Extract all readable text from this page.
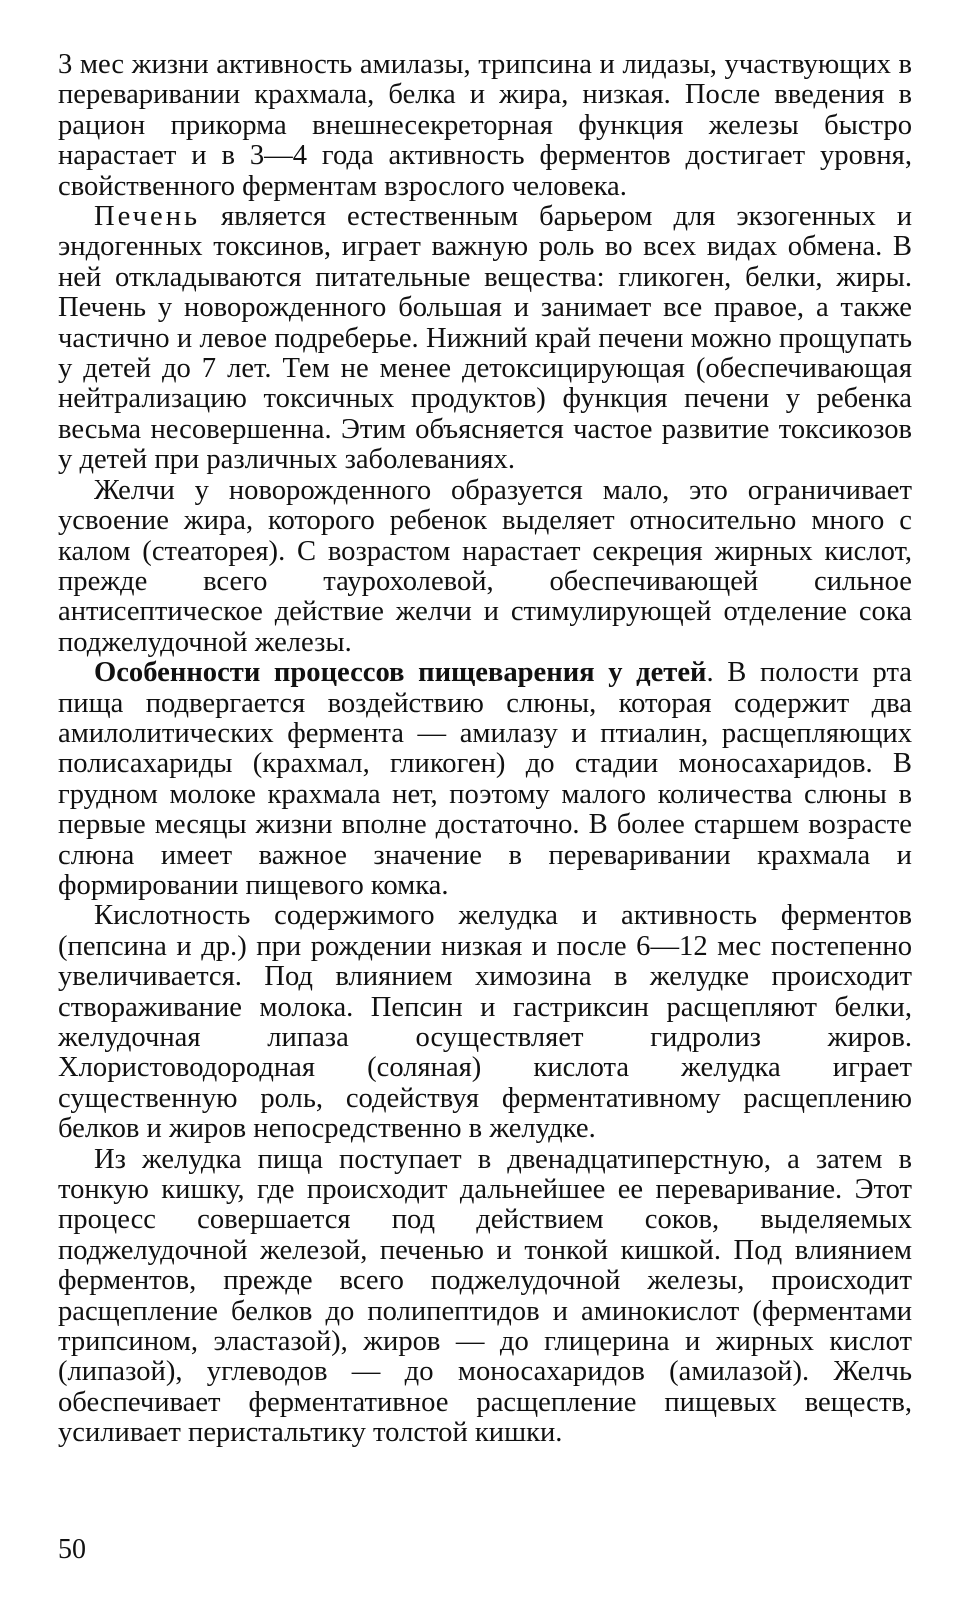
3 мес жизни активность амилазы, трипсина и лидазы, участвующих в переваривании крахмала, белка и жира, низкая. После введения в рацион прикорма внешнесекреторная функция железы быстро нарастает и в 3—4 года активность ферментов достигает уровня, свойственного ферментам взрослого человека.

Печень является естественным барьером для экзогенных и эндогенных токсинов, играет важную роль во всех видах обмена. В ней откладываются питательные вещества: гликоген, белки, жиры. Печень у новорожденного большая и занимает все правое, а также частично и левое подреберье. Нижний край печени можно прощупать у детей до 7 лет. Тем не менее детоксицирующая (обеспечивающая нейтрализацию токсичных продуктов) функция печени у ребенка весьма несовершенна. Этим объясняется частое развитие токсикозов у детей при различных заболеваниях.

Желчи у новорожденного образуется мало, это ограничивает усвоение жира, которого ребенок выделяет относительно много с калом (стеаторея). С возрастом нарастает секреция жирных кислот, прежде всего таурохолевой, обеспечивающей сильное антисептическое действие желчи и стимулирующей отделение сока поджелудочной железы.

Особенности процессов пищеварения у детей. В полости рта пища подвергается воздействию слюны, которая содержит два амилолитических фермента — амилазу и птиалин, расщепляющих полисахариды (крахмал, гликоген) до стадии моносахаридов. В грудном молоке крахмала нет, поэтому малого количества слюны в первые месяцы жизни вполне достаточно. В более старшем возрасте слюна имеет важное значение в переваривании крахмала и формировании пищевого комка.

Кислотность содержимого желудка и активность ферментов (пепсина и др.) при рождении низкая и после 6—12 мес постепенно увеличивается. Под влиянием химозина в желудке происходит створаживание молока. Пепсин и гастриксин расщепляют белки, желудочная липаза осуществляет гидролиз жиров. Хлористоводородная (соляная) кислота желудка играет существенную роль, содействуя ферментативному расщеплению белков и жиров непосредственно в желудке.

Из желудка пища поступает в двенадцатиперстную, а затем в тонкую кишку, где происходит дальнейшее ее переваривание. Этот процесс совершается под действием соков, выделяемых поджелудочной железой, печенью и тонкой кишкой. Под влиянием ферментов, прежде всего поджелудочной железы, происходит расщепление белков до полипептидов и аминокислот (ферментами трипсином, эластазой), жиров — до глицерина и жирных кислот (липазой), углеводов — до моносахаридов (амилазой). Желчь обеспечивает ферментативное расщепление пищевых веществ, усиливает перистальтику толстой кишки.

50
